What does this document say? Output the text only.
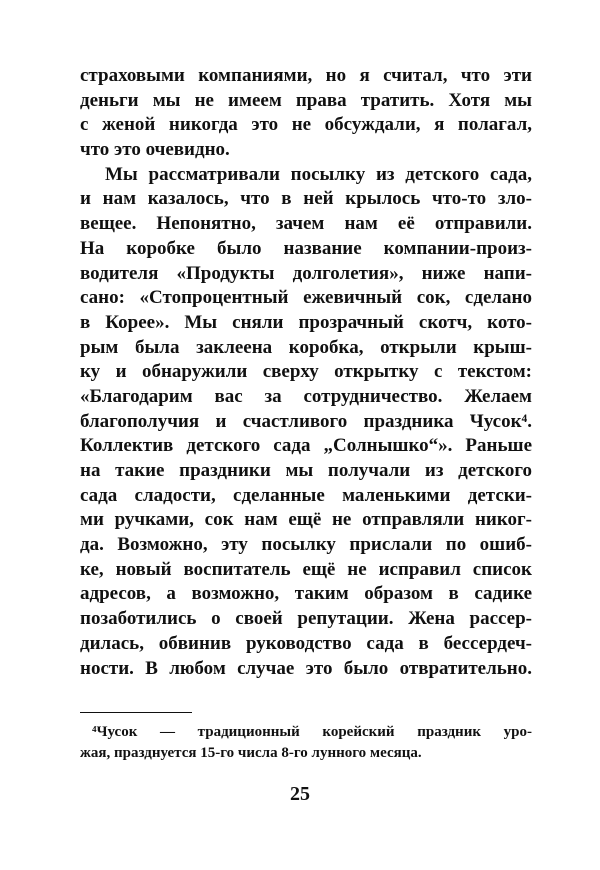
страховыми компаниями, но я считал, что эти
деньги мы не имеем права тратить. Хотя мы
с женой никогда это не обсуждали, я полагал,
что это очевидно.
Мы рассматривали посылку из детского сада,
и нам казалось, что в ней крылось что-то зло-
вещее. Непонятно, зачем нам её отправили.
На коробке было название компании-произ-
водителя «Продукты долголетия», ниже напи-
сано: «Стопроцентный ежевичный сок, сделано
в Корее». Мы сняли прозрачный скотч, кото-
рым была заклеена коробка, открыли крыш-
ку и обнаружили сверху открытку с текстом:
«Благодарим вас за сотрудничество. Желаем
благополучия и счастливого праздника Чусок⁴.
Коллектив детского сада „Солнышко“». Раньше
на такие праздники мы получали из детского
сада сладости, сделанные маленькими детски-
ми ручками, сок нам ещё не отправляли никог-
да. Возможно, эту посылку прислали по ошиб-
ке, новый воспитатель ещё не исправил список
адресов, а возможно, таким образом в садике
позаботились о своей репутации. Жена рассер-
дилась, обвинив руководство сада в бессердеч-
ности. В любом случае это было отвратительно.
⁴Чусок — традиционный корейский праздник уро-
жая, празднуется 15-го числа 8-го лунного месяца.
25
